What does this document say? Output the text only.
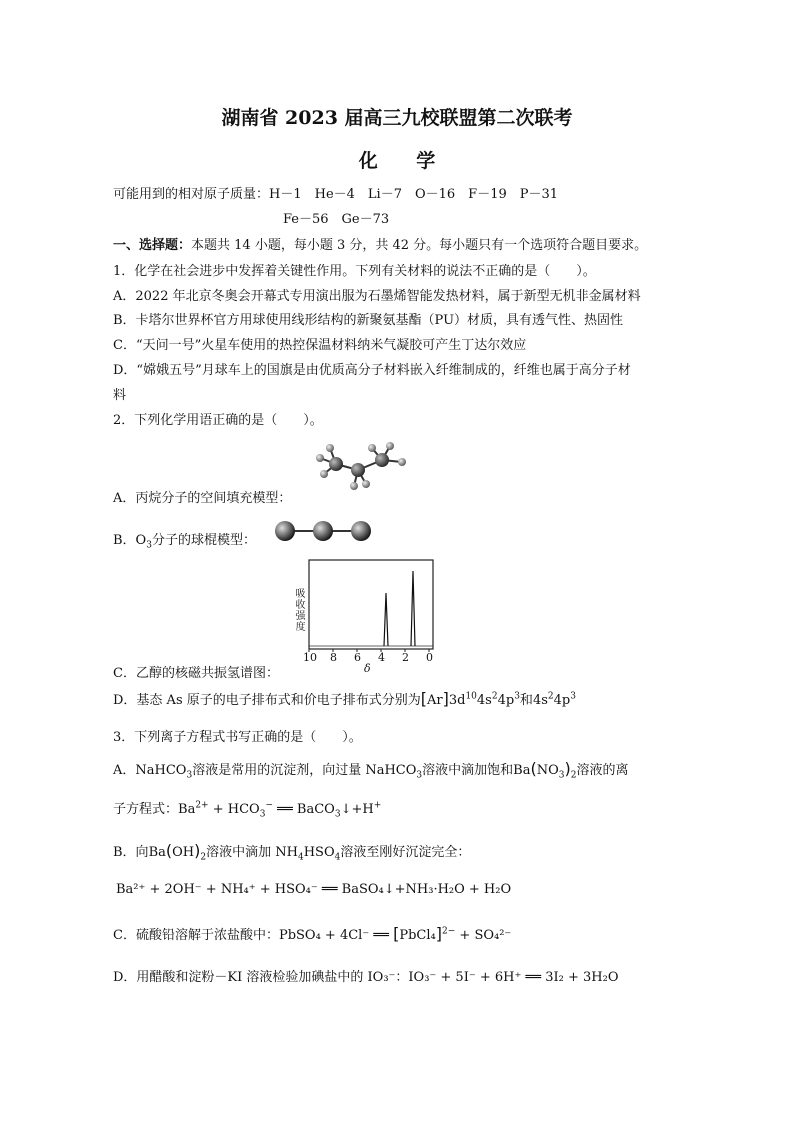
湖南省 2023 届高三九校联盟第二次联考
化 学
可能用到的相对原子质量：H－1　He－4　Li－7　O－16　F－19　P－31
Fe－56　Ge－73
一、选择题：本题共 14 小题，每小题 3 分，共 42 分。每小题只有一个选项符合题目要求。
1．化学在社会进步中发挥着关键性作用。下列有关材料的说法不正确的是（　　）。
A．2022 年北京冬奥会开幕式专用演出服为石墨烯智能发热材料，属于新型无机非金属材料
B．卡塔尔世界杯官方用球使用线形结构的新聚氨基酯（PU）材质，具有透气性、热固性
C．“天问一号”火星车使用的热控保温材料纳米气凝胶可产生丁达尔效应
D．“嫦娥五号”月球车上的国旗是由优质高分子材料嵌入纤维制成的，纤维也属于高分子材
料
2．下列化学用语正确的是（　　）。
A．丙烷分子的空间填充模型：
B．$O_3$分子的球棍模型：
吸收强度
10 8 6 4 2 0
δ
C．乙醇的核磁共振氢谱图：
D．基态 As 原子的电子排布式和价电子排布式分别为$[Ar]3d^{10}4s^24p^3$和$4s^24p^3$
3．下列离子方程式书写正确的是（　　）。
A．NaHCO$_3$溶液是常用的沉淀剂，向过量 NaHCO$_3$溶液中滴加饱和$Ba(NO_3)_2$溶液的离
子方程式：$Ba^{2+} + HCO_3^-$ ══ BaCO$_3$↓+H+
B．向$Ba(OH)_2$溶液中滴加 $NH_4HSO_4$溶液至刚好沉淀完全：
Ba²⁺ + 2OH⁻ + NH₄⁺ + HSO₄⁻ ══ BaSO₄↓+NH₃·H₂O + H₂O
C．硫酸铅溶解于浓盐酸中：PbSO₄ + 4Cl⁻ ══ [PbCl₄]$^{2-}$ + SO₄²⁻
D．用醋酸和淀粉－KI 溶液检验加碘盐中的 IO₃⁻：IO₃⁻ + 5I⁻ + 6H⁺ ══ 3I₂ + 3H₂O
